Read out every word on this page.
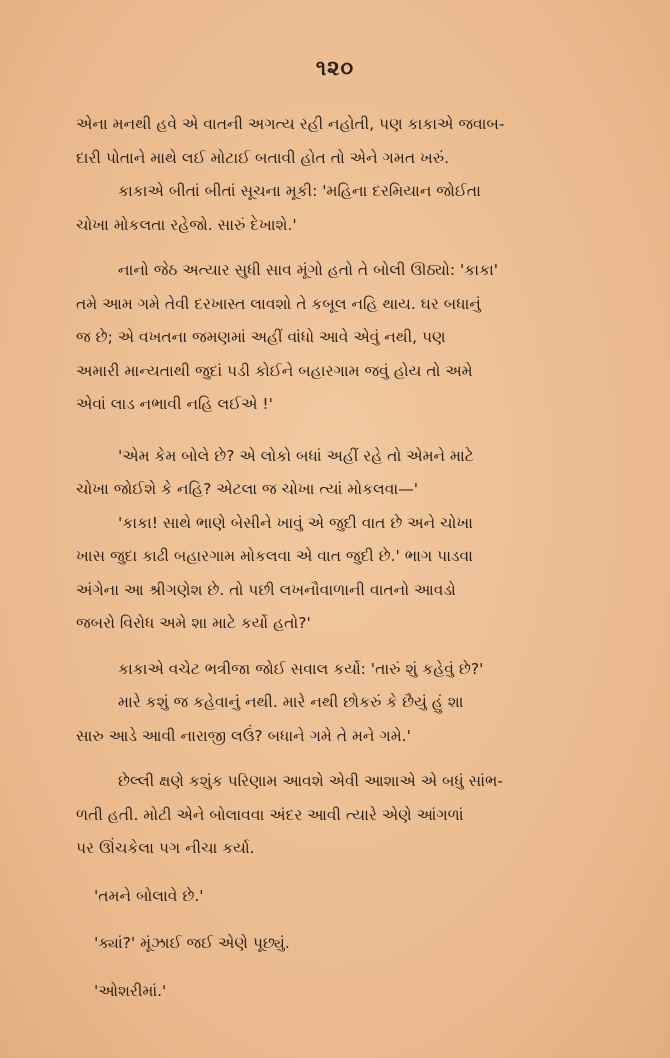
૧૨૦

એના મનથી હવે એ વાતની અગત્ય રહી નહોતી, પણ કાકાએ જવાબ-
દારી પોતાને માથે લઈ મોટાઈ બતાવી હોત તો એને ગમત ખરું.

કાકાએ બીતાં બીતાં સૂચના મૂકી: 'મહિના દરમિયાન જોઈતા
ચોખા મોકલતા રહેજો. સારું દેખાશે.'

નાનો જેઠ અત્યાર સુધી સાવ મૂંગો હતો તે બોલી ઊઠ્યો: 'કાકા'
તમે આમ ગમે તેવી દરખાસ્ત લાવશો તે કબૂલ નહિ થાય. ઘર બધાનું
જ છે; એ વખતના જમણમાં અહીં વાંધો આવે એવું નથી, પણ
અમારી માન્યતાથી જુદાં પડી કોઈને બહારગામ જવું હોય તો અમે
એવાં લાડ નભાવી નહિ લઈએ !'

'એમ કેમ બોલે છે? એ લોકો બધાં અહીં રહે તો એમને માટે
ચોખા જોઈશે કે નહિ? એટલા જ ચોખા ત્યાં મોકલવા—'

'કાકા! સાથે ભાણે બેસીને ખાવું એ જુદી વાત છે અને ચોખા
ખાસ જુદા કાઢી બહારગામ મોકલવા એ વાત જુદી છે.' ભાગ પાડવા
અંગેના આ શ્રીગણેશ છે. તો પછી લખનૌવાળાની વાતનો આવડો
જબરો વિરોધ અમે શા માટે કર્યો હતો?'

કાકાએ વચેટ ભત્રીજા જોઈ સવાલ કર્યો: 'તારું શું કહેવું છે?'

મારે કશું જ કહેવાનું નથી. મારે નથી છોકરું કે છૈયું હું શા
સારુ આડે આવી નારાજી લઉં? બધાને ગમે તે મને ગમે.'

છેલ્લી ક્ષણે કશુંક પરિણામ આવશે એવી આશાએ એ બધું સાંભ-
ળતી હતી. મોટી એને બોલાવવા અંદર આવી ત્યારે એણે આંગળાં
પર ઊંચકેલા પગ નીચા કર્યા.

'તમને બોલાવે છે.'

'ક્યાં?' મૂંઝાઈ જઈ એણે પૂછ્યું.

'ઓશરીમાં.'
